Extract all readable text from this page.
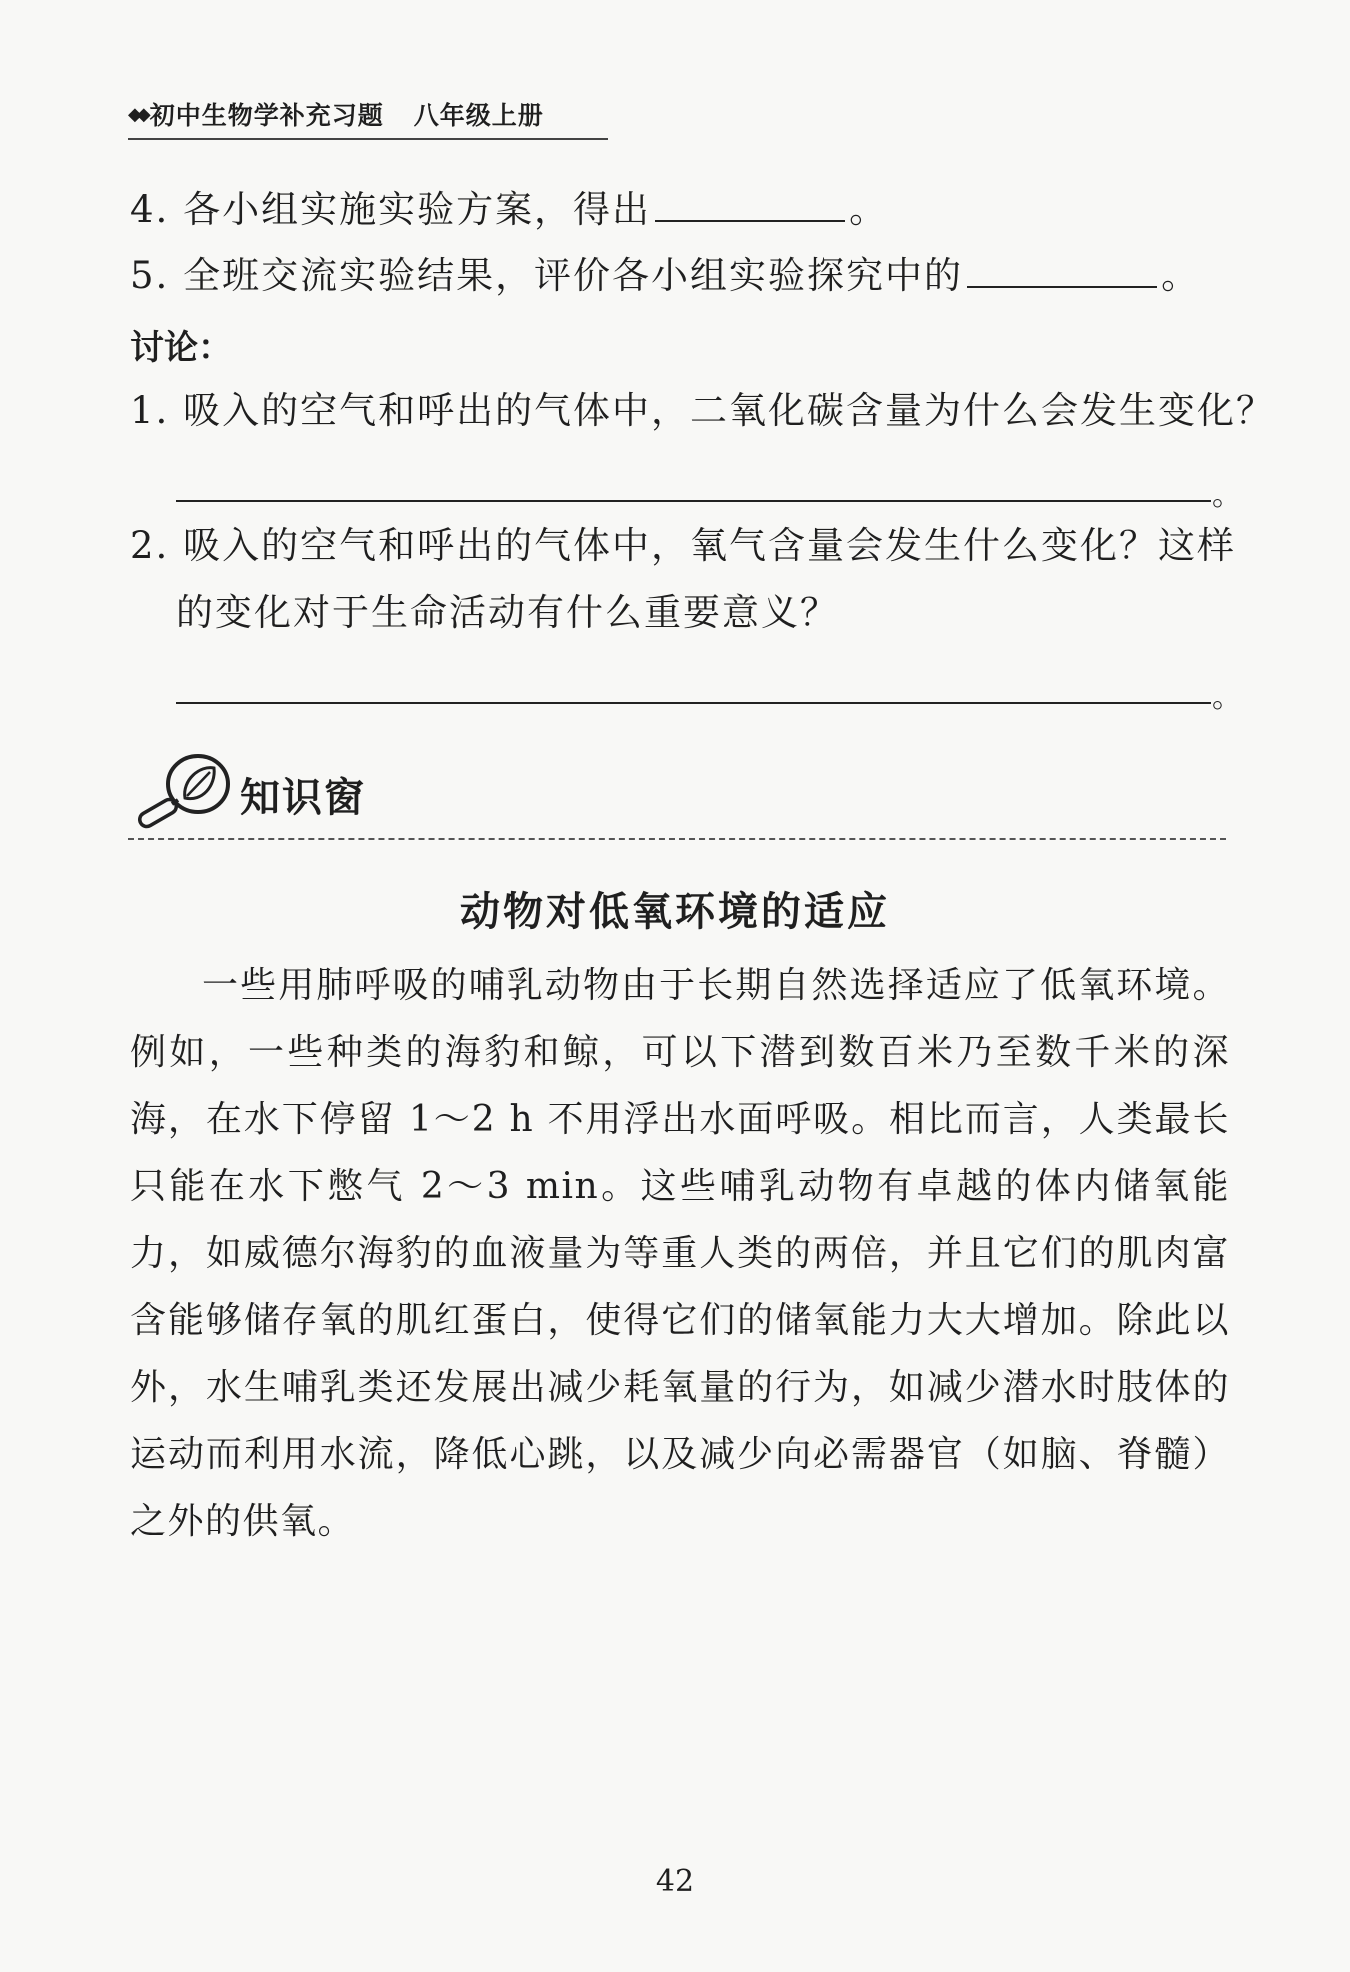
◆◆ 初中生物学补充习题 八年级上册
4. 各小组实施实验方案，得出	。
5. 全班交流实验结果，评价各小组实验探究中的	。
讨论：
1. 吸入的空气和呼出的气体中，二氧化碳含量为什么会发生变化？
。
2. 吸入的空气和呼出的气体中，氧气含量会发生什么变化？这样
的变化对于生命活动有什么重要意义？
。
知识窗
动物对低氧环境的适应
一些用肺呼吸的哺乳动物由于长期自然选择适应了低氧环境。例如，一些种类的海豹和鲸，可以下潜到数百米乃至数千米的深海，在水下停留 1～2 h 不用浮出水面呼吸。相比而言，人类最长只能在水下憋气 2～3 min。这些哺乳动物有卓越的体内储氧能力，如威德尔海豹的血液量为等重人类的两倍，并且它们的肌肉富含能够储存氧的肌红蛋白，使得它们的储氧能力大大增加。除此以外，水生哺乳类还发展出减少耗氧量的行为，如减少潜水时肢体的运动而利用水流，降低心跳，以及减少向必需器官（如脑、脊髓）之外的供氧。
42
